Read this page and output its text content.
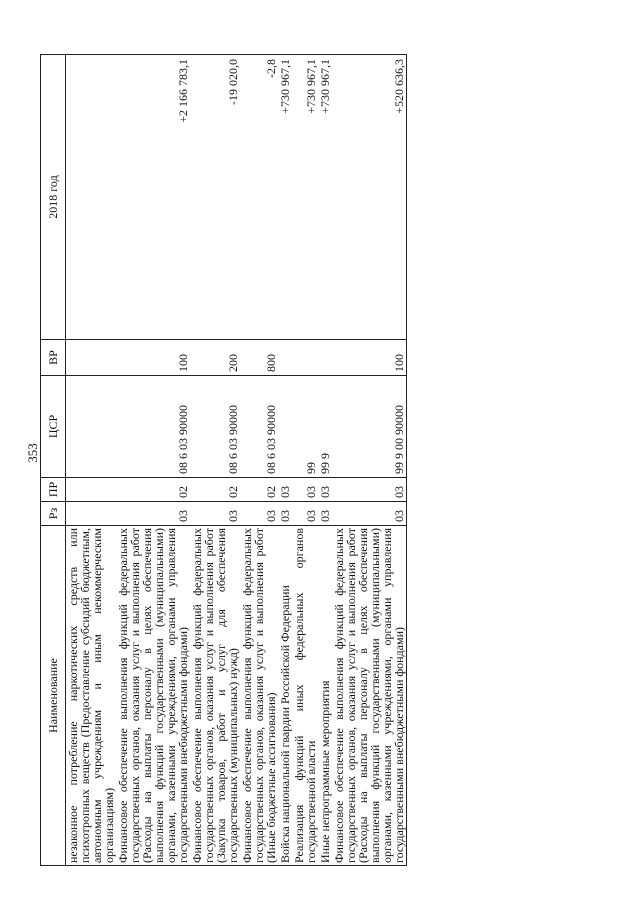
353
Наименование	Рз	ПР	ЦСР	ВР	2018 год
незаконное потребление наркотических средств или психотропных веществ (Предоставление субсидий бюджетным, автономным учреждениям и иным некоммерческим организациям)					
Финансовое обеспечение выполнения функций федеральных государственных органов, оказания услуг и выполнения работ (Расходы на выплаты персоналу в целях обеспечения выполнения функций государственными (муниципальными) органами, казенными учреждениями, органами управления государственными внебюджетными фондами)	03	02	08 6 03 90000	100	+2 166 783,1
Финансовое обеспечение выполнения функций федеральных государственных органов, оказания услуг и выполнения работ (Закупка товаров, работ и услуг для обеспечения государственных (муниципальных) нужд)	03	02	08 6 03 90000	200	-19 020,0
Финансовое обеспечение выполнения функций федеральных государственных органов, оказания услуг и выполнения работ (Иные бюджетные ассигнования)	03	02	08 6 03 90000	800	-2,8
Войска национальной гвардии Российской Федерации	03	03			+730 967,1
Реализация функций иных федеральных органов государственной власти	03	03	99		+730 967,1
Иные непрограммные мероприятия	03	03	99 9		+730 967,1
Финансовое обеспечение выполнения функций федеральных государственных органов, оказания услуг и выполнения работ (Расходы на выплаты персоналу в целях обеспечения выполнения функций государственными (муниципальными) органами, казенными учреждениями, органами управления государственными внебюджетными фондами)	03	03	99 9 00 90000	100	+520 636,3
